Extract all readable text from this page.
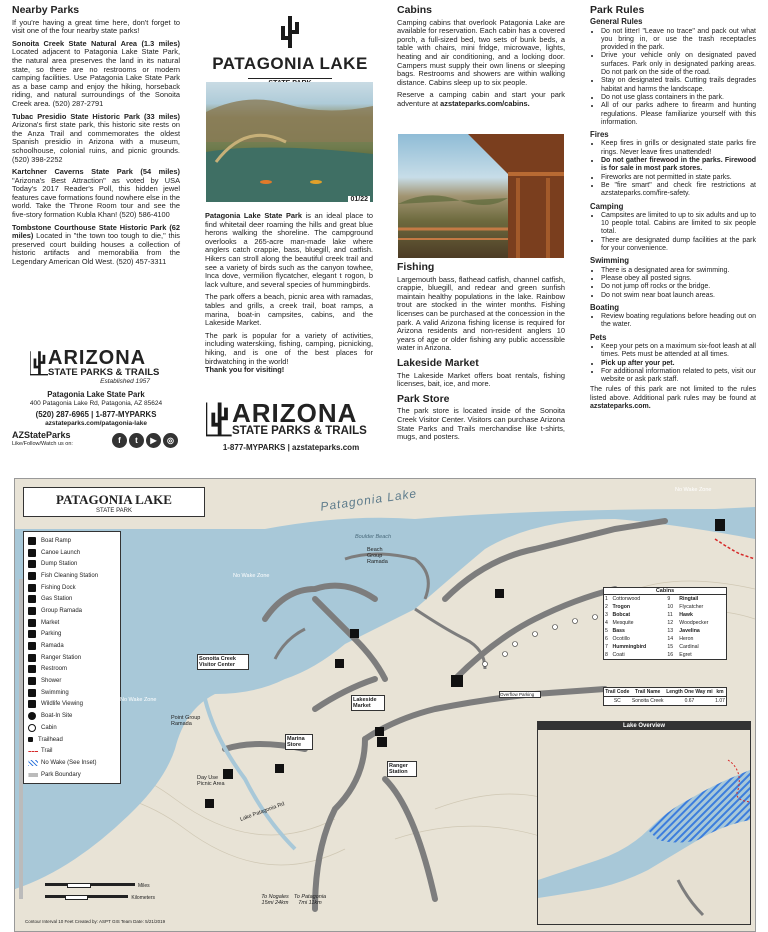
Nearby Parks

If you're having a great time here, don't forget to visit one of the four nearby state parks!

Sonoita Creek State Natural Area (1.3 miles) Located adjacent to Patagonia Lake State Park, the natural area preserves the land in its natural state, so there are no restrooms or modern camping facilities. Use Patagonia Lake State Park as a base camp and enjoy the hiking, horseback riding, and natural surroundings of the Sonoita Creek area. (520) 287-2791

Tubac Presidio State Historic Park (33 miles) Arizona's first state park, this historic site rests on the Anza Trail and commemorates the oldest Spanish presidio in Arizona with a museum, schoolhouse, colonial ruins, and picnic grounds. (520) 398-2252

Kartchner Caverns State Park (54 miles) "Arizona's Best Attraction" as voted by USA Today's 2017 Reader's Poll, this hidden jewel features cave formations found nowhere else in the world. Take the Throne Room tour and see the five-story formation Kubla Khan! (520) 586-4100

Tombstone Courthouse State Historic Park (62 miles) Located in "the town too tough to die," this preserved court building houses a collection of historic artifacts and memorabilia from the Legendary American Old West. (520) 457-3311

ARIZONA
STATE PARKS & TRAILS
Established 1957
Patagonia Lake State Park
400 Patagonia Lake Rd, Patagonia, AZ 85624
(520) 287-6965 | 1-877-MYPARKS
azstateparks.com/patagonia-lake
AZStateParks
Like/Follow/Watch us on:	f t ▶ ◎
PATAGONIA LAKE
01/22

Patagonia Lake State Park is an ideal place to find whitetail deer roaming the hills and great blue herons walking the shoreline. The campground overlooks a 265-acre man-made lake where anglers catch crappie, bass, bluegill, and catfish. Hikers can stroll along the beautiful creek trail and see a variety of birds such as the canyon towhee, Inca dove, vermilion flycatcher, elegant t rogon, b lack vulture, and several species of hummingbirds.

The park offers a beach, picnic area with ramadas, tables and grills, a creek trail, boat ramps, a marina, boat-in campsites, cabins, and the Lakeside Market.

The park is popular for a variety of activities, including waterskiing, fishing, camping, picnicking, hiking, and is one of the best places for birdwatching in the world!

Thank you for visiting!

ARIZONA
STATE PARKS & TRAILS
1-877-MYPARKS | azstateparks.com
Cabins

Camping cabins that overlook Patagonia Lake are available for reservation. Each cabin has a covered porch, a full-sized bed, two sets of bunk beds, a table with chairs, mini fridge, microwave, lights, heating and air conditioning, and a locking door. Campers must supply their own linens or sleeping bags. Restrooms and showers are within walking distance. Cabins sleep up to six people.

Reserve a camping cabin and start your park adventure at azstateparks.com/cabins.

Fishing

Largemouth bass, flathead catfish, channel catfish, crappie, bluegill, and redear and green sunfish maintain healthy populations in the lake. Rainbow trout are stocked in the winter months. Fishing licenses can be purchased at the concession in the park. A valid Arizona fishing license is required for Arizona residents and non-resident anglers 10 years of age or older fishing any public accessible water in Arizona.

Lakeside Market

The Lakeside Market offers boat rentals, fishing licenses, bait, ice, and more.

Park Store

The park store is located inside of the Sonoita Creek Visitor Center. Visitors can purchase Arizona State Parks and Trails merchandise like t-shirts, mugs, and posters.

Park Rules
General Rules
• Do not litter! "Leave no trace" and pack out what you bring in, or use the trash receptacles provided in the park.
• Drive your vehicle only on designated paved surfaces. Park only in designated parking areas. Do not park on the side of the road.
• Stay on designated trails. Cutting trails degrades habitat and harms the landscape.
• Do not use glass containers in the park.
• All of our parks adhere to firearm and hunting regulations. Please familiarize yourself with this information.
Fires
• Keep fires in grills or designated state parks fire rings. Never leave fires unattended!
• Do not gather firewood in the parks. Firewood is for sale in most park stores.
• Fireworks are not permitted in state parks.
• Be "fire smart" and check fire restrictions at azstateparks.com/fire-safety.
Camping
• Campsites are limited to up to six adults and up to 10 people total. Cabins are limited to six people total.
• There are designated dump facilities at the park for your convenience.
Swimming
• There is a designated area for swimming.
• Please obey all posted signs.
• Do not jump off rocks or the bridge.
• Do not swim near boat launch areas.
Boating
• Review boating regulations before heading out on the water.
Pets
• Keep your pets on a maximum six-foot leash at all times. Pets must be attended at all times.
• Pick up after your pet.
• For additional information related to pets, visit our website or ask park staff.

The rules of this park are not limited to the rules listed above. Additional park rules may be found at azstateparks.com.

PATAGONIA LAKE
STATE PARK	Patagonia Lake
Boat Ramp
Canoe Launch
Dump Station
Fish Cleaning Station
Fishing Dock
Gas Station
Group Ramada
Market
Parking
Ramada
Ranger Station
Restroom
Shower
Swimming
Wildlife Viewing
Boat-In Site
Cabin
Trailhead
Trail
No Wake (See Inset)
Park Boundary
Sonoita Creek Visitor Center
Lakeside Market
Marina Store
Ranger Station
Boulder Beach
Beach Group Ramada
No Wake Zone
No Wake Zone
No Wake Zone
No Wake Zone
Overflow Parking
Day Use Picnic Area
Point Group Ramada
Lake Patagonia Rd
To Nogales 15mi 24km
To Patagonia 7mi 11km
Contour Interval 10 Feet Created by: ASPT GIS Team Date: 5/21/2019
Miles
Kilometers
Cabins
1	Cottonwood	9	Ringtail
2	Trogon	10	Flycatcher
3	Bobcat	11	Hawk
4	Mesquite	12	Woodpecker
5	Bass	13	Javelina
6	Ocotillo	14	Heron
7	Hummingbird	15	Cardinal
8	Coati	16	Egret
Trail Code	Trail Name	Length One Way mi	km
SC	Sonoita Creek	0.67	1.07
Lake Overview
